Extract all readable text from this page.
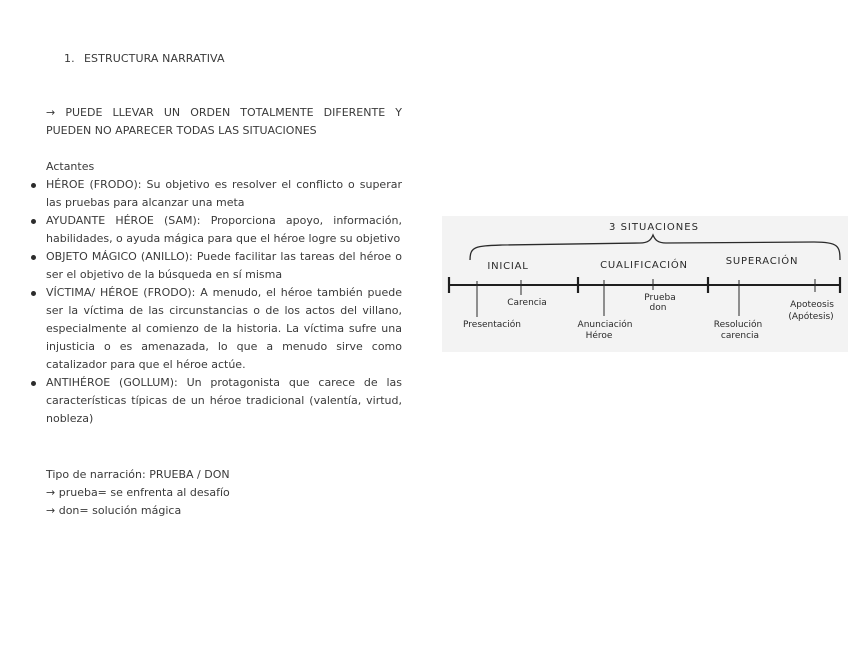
1. ESTRUCTURA NARRATIVA
→ PUEDE LLEVAR UN ORDEN TOTALMENTE DIFERENTE Y PUEDEN NO APARECER TODAS LAS SITUACIONES
Actantes
HÉROE (FRODO): Su objetivo es resolver el conflicto o superar las pruebas para alcanzar una meta
AYUDANTE HÉROE (SAM): Proporciona apoyo, información, habilidades, o ayuda mágica para que el héroe logre su objetivo
OBJETO MÁGICO (ANILLO): Puede facilitar las tareas del héroe o ser el objetivo de la búsqueda en sí misma
VÍCTIMA/ HÉROE (FRODO): A menudo, el héroe también puede ser la víctima de las circunstancias o de los actos del villano, especialmente al comienzo de la historia. La víctima sufre una injusticia o es amenazada, lo que a menudo sirve como catalizador para que el héroe actúe.
ANTIHÉROE (GOLLUM): Un protagonista que carece de las características típicas de un héroe tradicional (valentía, virtud, nobleza)
Tipo de narración: PRUEBA / DON
→ prueba= se enfrenta al desafío
→ don= solución mágica
3 SITUACIONES
INICIAL	CUALIFICACIÓN	SUPERACIÓN
Carencia	Prueba
don	Apoteosis
(Apótesis)
Presentación	Anunciación
Héroe
Resolución
carencia
